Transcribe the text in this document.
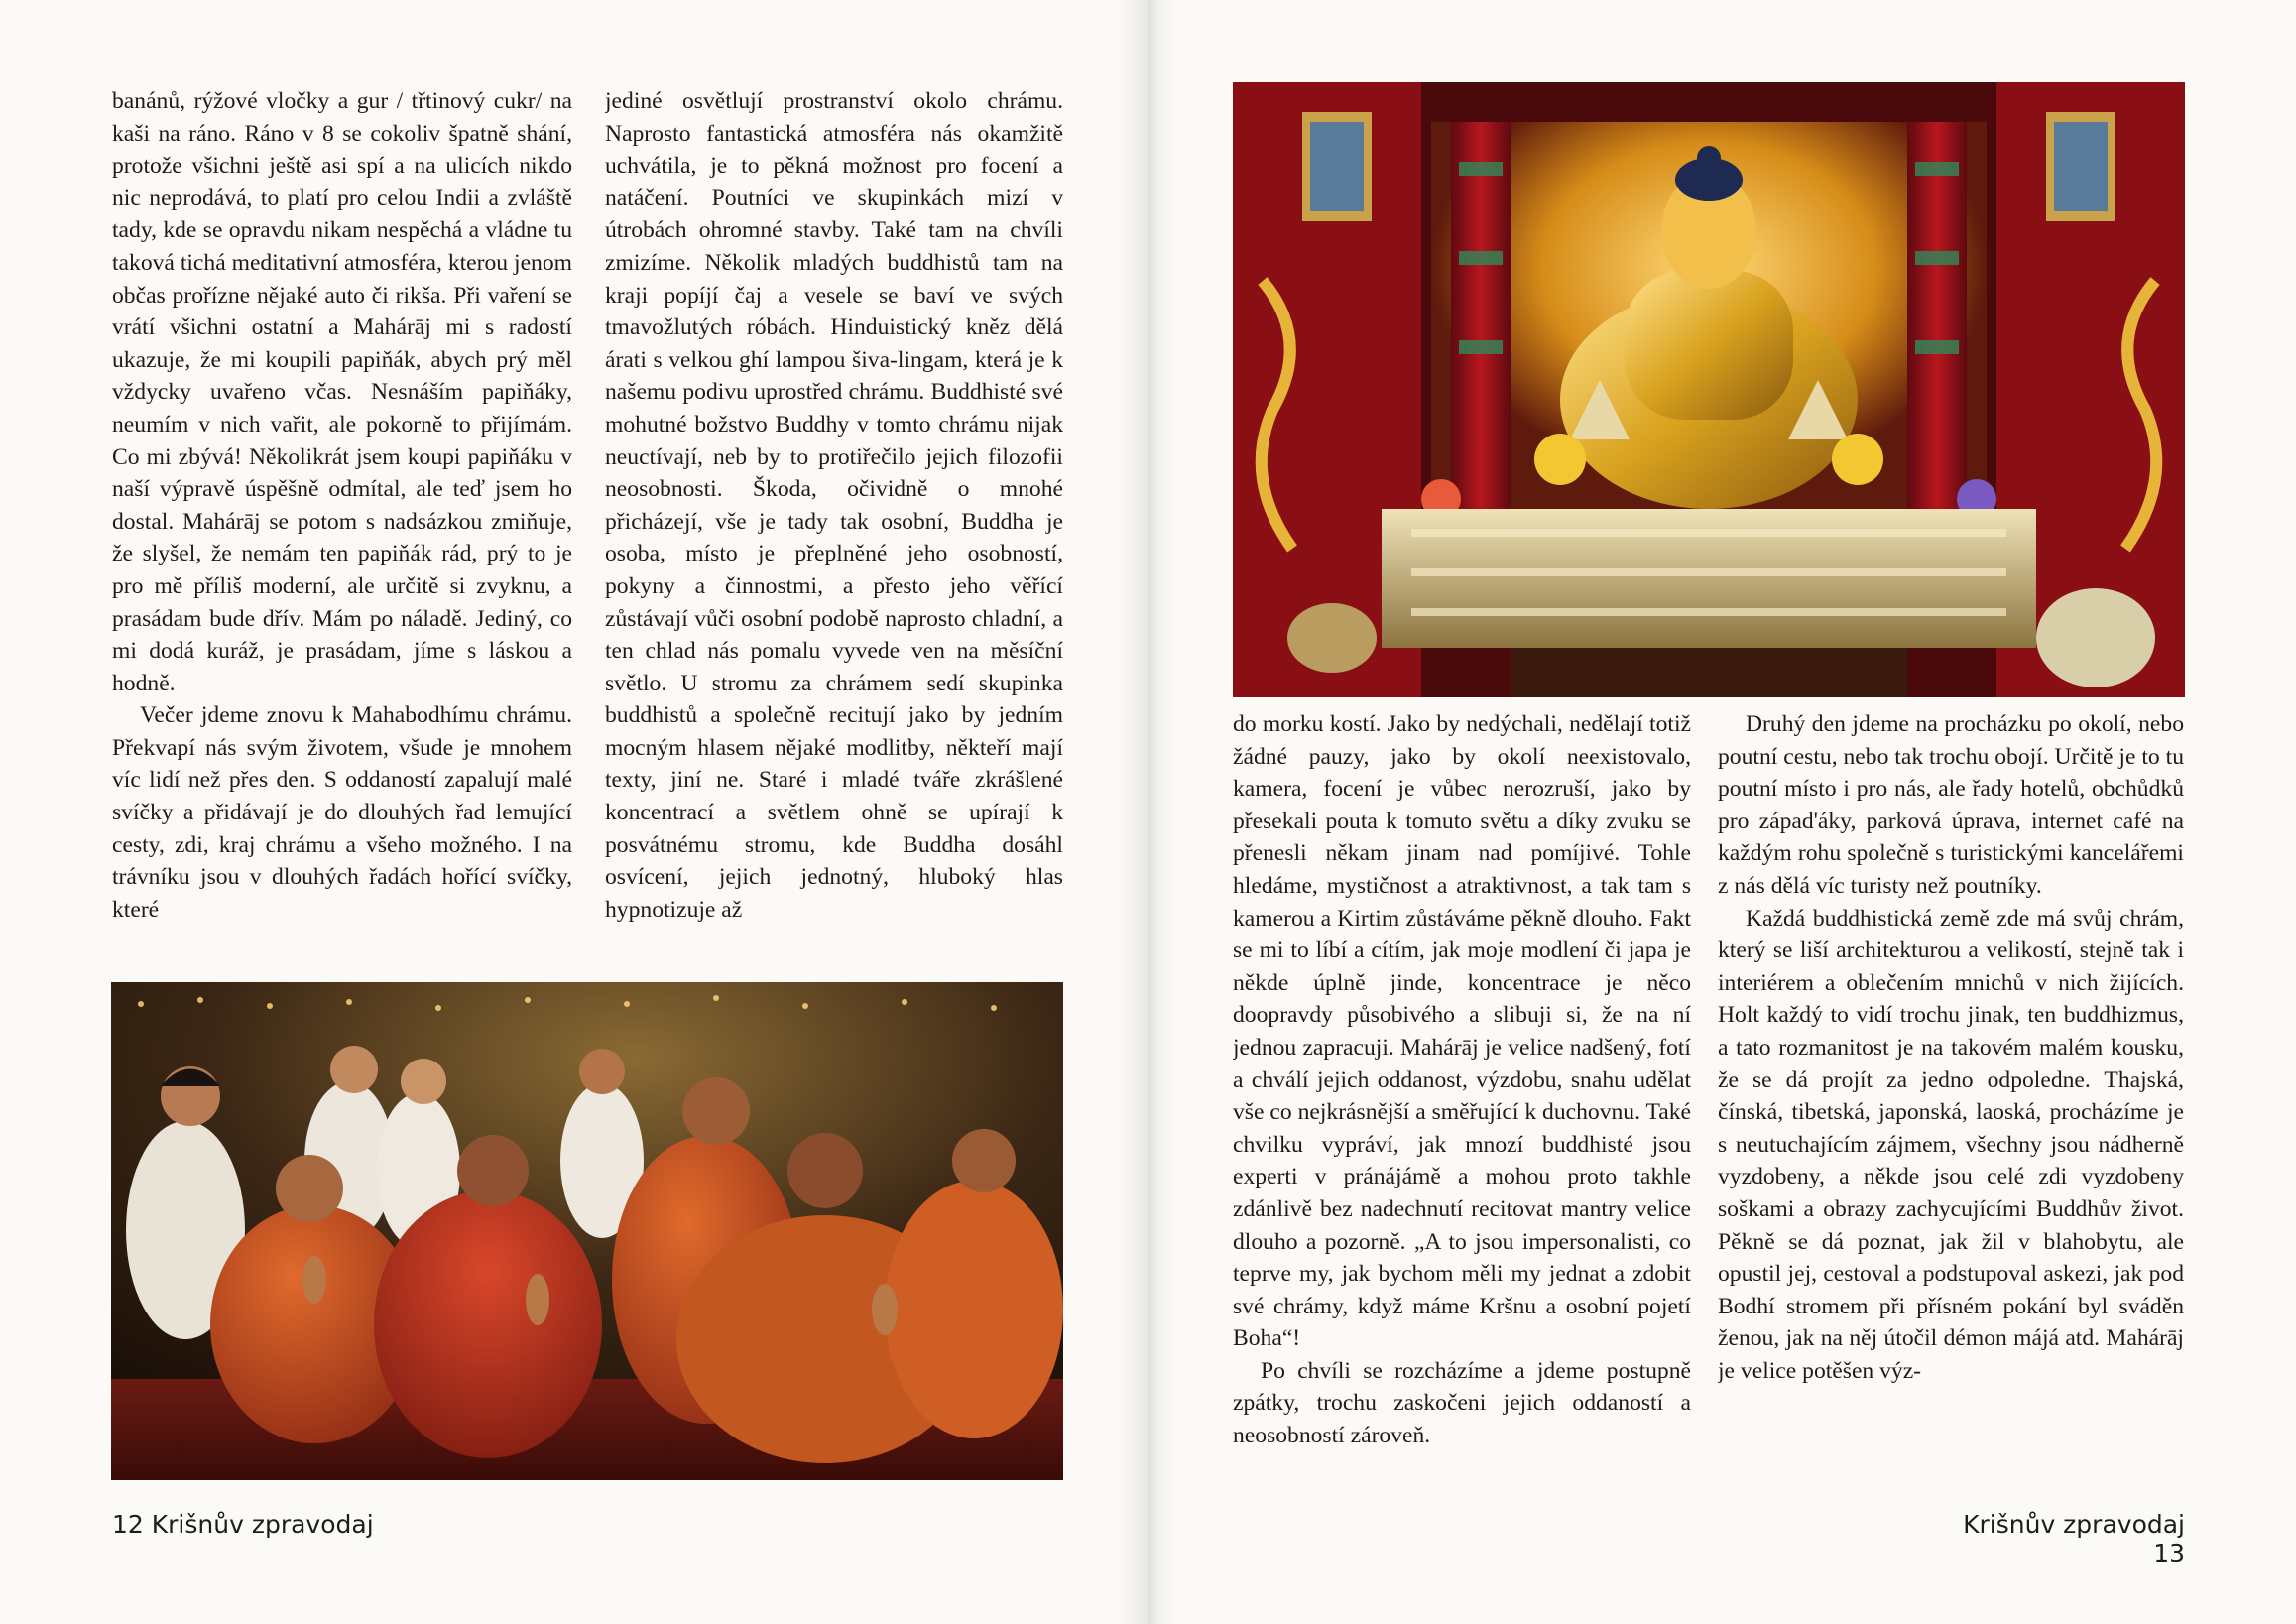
banánů, rýžové vločky a gur / třtinový cukr/ na kaši na ráno. Ráno v 8 se cokoliv špatně shání, protože všichni ještě asi spí a na ulicích nikdo nic neprodává, to platí pro celou Indii a zvláště tady, kde se opravdu nikam nespěchá a vládne tu taková tichá meditativní atmosféra, kterou jenom občas prořízne nějaké auto či rikša. Při vaření se vrátí všichni ostatní a Mahárāj mi s radostí ukazuje, že mi koupili papiňák, abych prý měl vždycky uvařeno včas. Nesnáším papiňáky, neumím v nich vařit, ale pokorně to přijímám. Co mi zbývá! Několikrát jsem koupi papiňáku v naší výpravě úspěšně odmítal, ale teď jsem ho dostal. Mahárāj se potom s nadsázkou zmiňuje, že slyšel, že nemám ten papiňák rád, prý to je pro mě příliš moderní, ale určitě si zvyknu, a prasádam bude dřív. Mám po náladě. Jediný, co mi dodá kuráž, je prasádam, jíme s láskou a hodně.

Večer jdeme znovu k Mahabodhímu chrámu. Překvapí nás svým životem, všude je mnohem víc lidí než přes den. S oddaností zapalují malé svíčky a přidávají je do dlouhých řad lemující cesty, zdi, kraj chrámu a všeho možného. I na trávníku jsou v dlouhých řadách hořící svíčky, které

jediné osvětlují prostranství okolo chrámu. Naprosto fantastická atmosféra nás okamžitě uchvátila, je to pěkná možnost pro focení a natáčení. Poutníci ve skupinkách mizí v útrobách ohromné stavby. Také tam na chvíli zmizíme. Několik mladých buddhistů tam na kraji popíjí čaj a vesele se baví ve svých tmavožlutých róbách. Hinduistický kněz dělá árati s velkou ghí lampou šiva-lingam, která je k našemu podivu uprostřed chrámu. Buddhisté své mohutné božstvo Buddhy v tomto chrámu nijak neuctívají, neb by to protiřečilo jejich filozofii neosobnosti. Škoda, očividně o mnohé přicházejí, vše je tady tak osobní, Buddha je osoba, místo je přeplněné jeho osobností, pokyny a činnostmi, a přesto jeho věřící zůstávají vůči osobní podobě naprosto chladní, a ten chlad nás pomalu vyvede ven na měsíční světlo. U stromu za chrámem sedí skupinka buddhistů a společně recitují jako by jedním mocným hlasem nějaké modlitby, někteří mají texty, jiní ne. Staré i mladé tváře zkrášlené koncentrací a světlem ohně se upírají k posvátnému stromu, kde Buddha dosáhl osvícení, jejich jednotný, hluboký hlas hypnotizuje až

do morku kostí. Jako by nedýchali, nedělají totiž žádné pauzy, jako by okolí neexistovalo, kamera, focení je vůbec nerozruší, jako by přesekali pouta k tomuto světu a díky zvuku se přenesli někam jinam nad pomíjivé. Tohle hledáme, mystičnost a atraktivnost, a tak tam s kamerou a Kirtim zůstáváme pěkně dlouho. Fakt se mi to líbí a cítím, jak moje modlení či japa je někde úplně jinde, koncentrace je něco doopravdy působivého a slibuji si, že na ní jednou zapracuji. Mahárāj je velice nadšený, fotí a chválí jejich oddanost, výzdobu, snahu udělat vše co nejkrásnější a směřující k duchovnu. Také chvilku vypráví, jak mnozí buddhisté jsou experti v pránájámě a mohou proto takhle zdánlivě bez nadechnutí recitovat mantry velice dlouho a pozorně. „A to jsou impersonalisti, co teprve my, jak bychom měli my jednat a zdobit své chrámy, když máme Kršnu a osobní pojetí Boha“!

Po chvíli se rozcházíme a jdeme postupně zpátky, trochu zaskočeni jejich oddaností a neosobností zároveň.

Druhý den jdeme na procházku po okolí, nebo poutní cestu, nebo tak trochu obojí. Určitě je to tu poutní místo i pro nás, ale řady hotelů, obchůdků pro západ'áky, parková úprava, internet café na každým rohu společně s turistickými kancelářemi z nás dělá víc turisty než poutníky.

Každá buddhistická země zde má svůj chrám, který se liší architekturou a velikostí, stejně tak i interiérem a oblečením mnichů v nich žijících. Holt každý to vidí trochu jinak, ten buddhizmus, a tato rozmanitost je na takovém malém kousku, že se dá projít za jedno odpoledne. Thajská, čínská, tibetská, japonská, laoská, procházíme je s neutuchajícím zájmem, všechny jsou nádherně vyzdobeny, a někde jsou celé zdi vyzdobeny soškami a obrazy zachycujícími Buddhův život. Pěkně se dá poznat, jak žil v blahobytu, ale opustil jej, cestoval a podstupoval askezi, jak pod Bodhí stromem při přísném pokání byl sváděn ženou, jak na něj útočil démon májá atd. Mahárāj je velice potěšen výz-

12 Krišnův zpravodaj	Krišnův zpravodaj 13
